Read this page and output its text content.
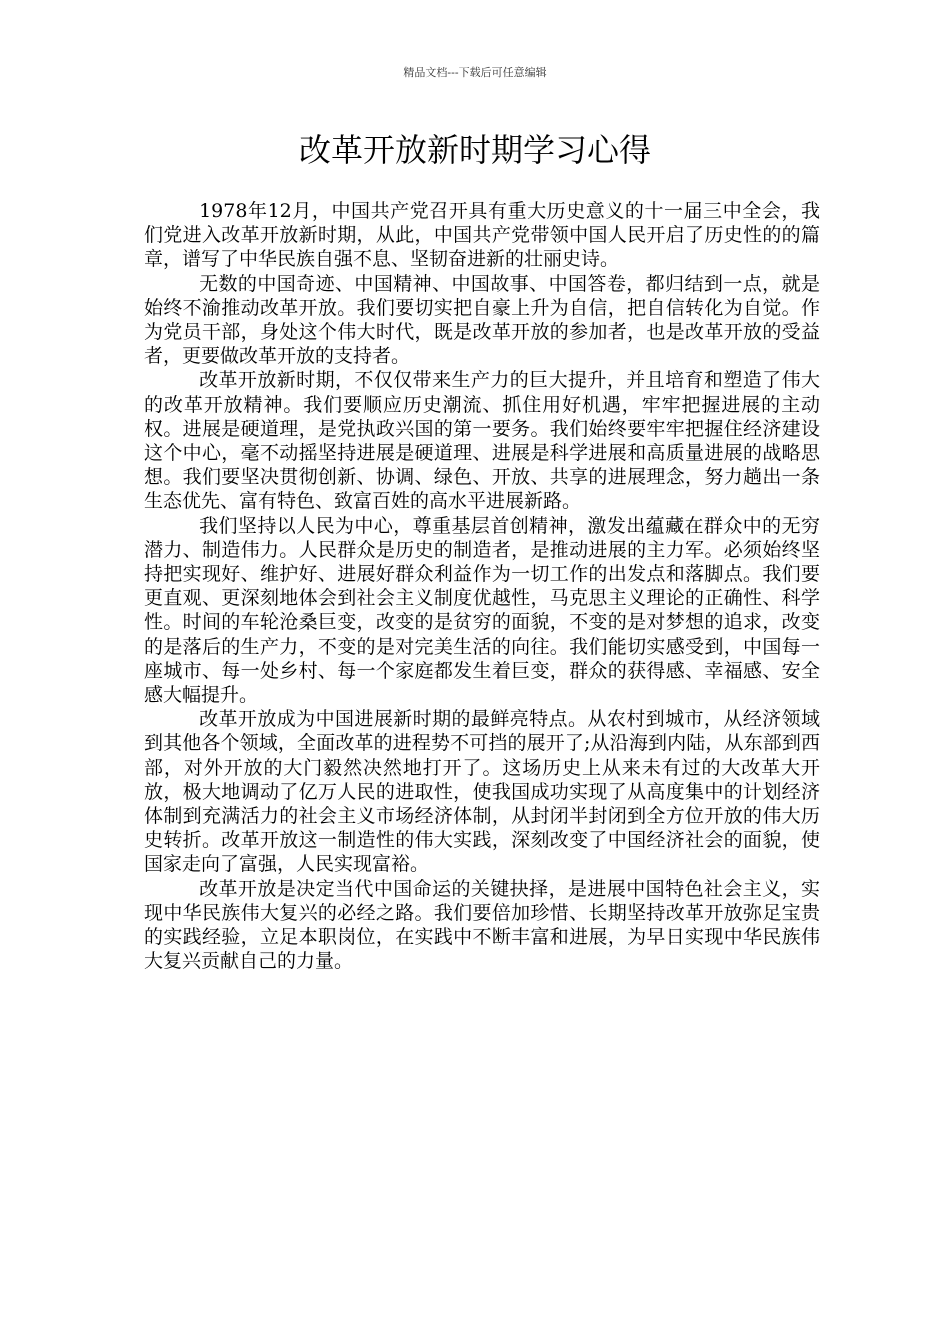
精品文档---下载后可任意编辑
改革开放新时期学习心得

1978年12月，中国共产党召开具有重大历史意义的十一届三中全会，我们党进入改革开放新时期，从此，中国共产党带领中国人民开启了历史性的的篇章，谱写了中华民族自强不息、坚韧奋进新的壮丽史诗。

无数的中国奇迹、中国精神、中国故事、中国答卷，都归结到一点，就是始终不渝推动改革开放。我们要切实把自豪上升为自信，把自信转化为自觉。作为党员干部，身处这个伟大时代，既是改革开放的参加者，也是改革开放的受益者，更要做改革开放的支持者。

改革开放新时期，不仅仅带来生产力的巨大提升，并且培育和塑造了伟大的改革开放精神。我们要顺应历史潮流、抓住用好机遇，牢牢把握进展的主动权。进展是硬道理，是党执政兴国的第一要务。我们始终要牢牢把握住经济建设这个中心，毫不动摇坚持进展是硬道理、进展是科学进展和高质量进展的战略思想。我们要坚决贯彻创新、协调、绿色、开放、共享的进展理念，努力趟出一条生态优先、富有特色、致富百姓的高水平进展新路。

我们坚持以人民为中心，尊重基层首创精神，激发出蕴藏在群众中的无穷潜力、制造伟力。人民群众是历史的制造者，是推动进展的主力军。必须始终坚持把实现好、维护好、进展好群众利益作为一切工作的出发点和落脚点。我们要更直观、更深刻地体会到社会主义制度优越性，马克思主义理论的正确性、科学性。时间的车轮沧桑巨变，改变的是贫穷的面貌，不变的是对梦想的追求，改变的是落后的生产力，不变的是对完美生活的向往。我们能切实感受到，中国每一座城市、每一处乡村、每一个家庭都发生着巨变，群众的获得感、幸福感、安全感大幅提升。

改革开放成为中国进展新时期的最鲜亮特点。从农村到城市，从经济领域到其他各个领域，全面改革的进程势不可挡的展开了;从沿海到内陆，从东部到西部，对外开放的大门毅然决然地打开了。这场历史上从来未有过的大改革大开放，极大地调动了亿万人民的进取性，使我国成功实现了从高度集中的计划经济体制到充满活力的社会主义市场经济体制，从封闭半封闭到全方位开放的伟大历史转折。改革开放这一制造性的伟大实践，深刻改变了中国经济社会的面貌，使国家走向了富强，人民实现富裕。

改革开放是决定当代中国命运的关键抉择，是进展中国特色社会主义，实现中华民族伟大复兴的必经之路。我们要倍加珍惜、长期坚持改革开放弥足宝贵的实践经验，立足本职岗位，在实践中不断丰富和进展，为早日实现中华民族伟大复兴贡献自己的力量。
